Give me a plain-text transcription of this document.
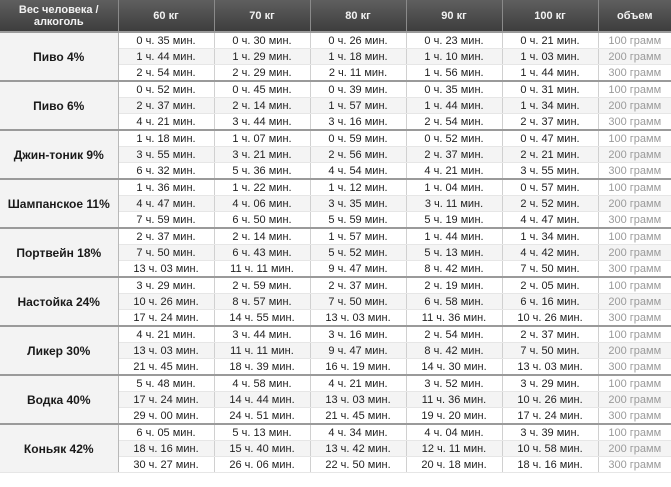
Вес человека / алкоголь	60 кг	70 кг	80 кг	90 кг	100 кг	объем
Пиво 4%	0 ч. 35 мин.	0 ч. 30 мин.	0 ч. 26 мин.	0 ч. 23 мин.	0 ч. 21 мин.	100 грамм
	1 ч. 44 мин.	1 ч. 29 мин.	1 ч. 18 мин.	1 ч. 10 мин.	1 ч. 03 мин.	200 грамм
	2 ч. 54 мин.	2 ч. 29 мин.	2 ч. 11 мин.	1 ч. 56 мин.	1 ч. 44 мин.	300 грамм
Пиво 6%	0 ч. 52 мин.	0 ч. 45 мин.	0 ч. 39 мин.	0 ч. 35 мин.	0 ч. 31 мин.	100 грамм
	2 ч. 37 мин.	2 ч. 14 мин.	1 ч. 57 мин.	1 ч. 44 мин.	1 ч. 34 мин.	200 грамм
	4 ч. 21 мин.	3 ч. 44 мин.	3 ч. 16 мин.	2 ч. 54 мин.	2 ч. 37 мин.	300 грамм
Джин-тоник 9%	1 ч. 18 мин.	1 ч. 07 мин.	0 ч. 59 мин.	0 ч. 52 мин.	0 ч. 47 мин.	100 грамм
	3 ч. 55 мин.	3 ч. 21 мин.	2 ч. 56 мин.	2 ч. 37 мин.	2 ч. 21 мин.	200 грамм
	6 ч. 32 мин.	5 ч. 36 мин.	4 ч. 54 мин.	4 ч. 21 мин.	3 ч. 55 мин.	300 грамм
Шампанское 11%	1 ч. 36 мин.	1 ч. 22 мин.	1 ч. 12 мин.	1 ч. 04 мин.	0 ч. 57 мин.	100 грамм
	4 ч. 47 мин.	4 ч. 06 мин.	3 ч. 35 мин.	3 ч. 11 мин.	2 ч. 52 мин.	200 грамм
	7 ч. 59 мин.	6 ч. 50 мин.	5 ч. 59 мин.	5 ч. 19 мин.	4 ч. 47 мин.	300 грамм
Портвейн 18%	2 ч. 37 мин.	2 ч. 14 мин.	1 ч. 57 мин.	1 ч. 44 мин.	1 ч. 34 мин.	100 грамм
	7 ч. 50 мин.	6 ч. 43 мин.	5 ч. 52 мин.	5 ч. 13 мин.	4 ч. 42 мин.	200 грамм
	13 ч. 03 мин.	11 ч. 11 мин.	9 ч. 47 мин.	8 ч. 42 мин.	7 ч. 50 мин.	300 грамм
Настойка 24%	3 ч. 29 мин.	2 ч. 59 мин.	2 ч. 37 мин.	2 ч. 19 мин.	2 ч. 05 мин.	100 грамм
	10 ч. 26 мин.	8 ч. 57 мин.	7 ч. 50 мин.	6 ч. 58 мин.	6 ч. 16 мин.	200 грамм
	17 ч. 24 мин.	14 ч. 55 мин.	13 ч. 03 мин.	11 ч. 36 мин.	10 ч. 26 мин.	300 грамм
Ликер 30%	4 ч. 21 мин.	3 ч. 44 мин.	3 ч. 16 мин.	2 ч. 54 мин.	2 ч. 37 мин.	100 грамм
	13 ч. 03 мин.	11 ч. 11 мин.	9 ч. 47 мин.	8 ч. 42 мин.	7 ч. 50 мин.	200 грамм
	21 ч. 45 мин.	18 ч. 39 мин.	16 ч. 19 мин.	14 ч. 30 мин.	13 ч. 03 мин.	300 грамм
Водка 40%	5 ч. 48 мин.	4 ч. 58 мин.	4 ч. 21 мин.	3 ч. 52 мин.	3 ч. 29 мин.	100 грамм
	17 ч. 24 мин.	14 ч. 44 мин.	13 ч. 03 мин.	11 ч. 36 мин.	10 ч. 26 мин.	200 грамм
	29 ч. 00 мин.	24 ч. 51 мин.	21 ч. 45 мин.	19 ч. 20 мин.	17 ч. 24 мин.	300 грамм
Коньяк 42%	6 ч. 05 мин.	5 ч. 13 мин.	4 ч. 34 мин.	4 ч. 04 мин.	3 ч. 39 мин.	100 грамм
	18 ч. 16 мин.	15 ч. 40 мин.	13 ч. 42 мин.	12 ч. 11 мин.	10 ч. 58 мин.	200 грамм
	30 ч. 27 мин.	26 ч. 06 мин.	22 ч. 50 мин.	20 ч. 18 мин.	18 ч. 16 мин.	300 грамм
